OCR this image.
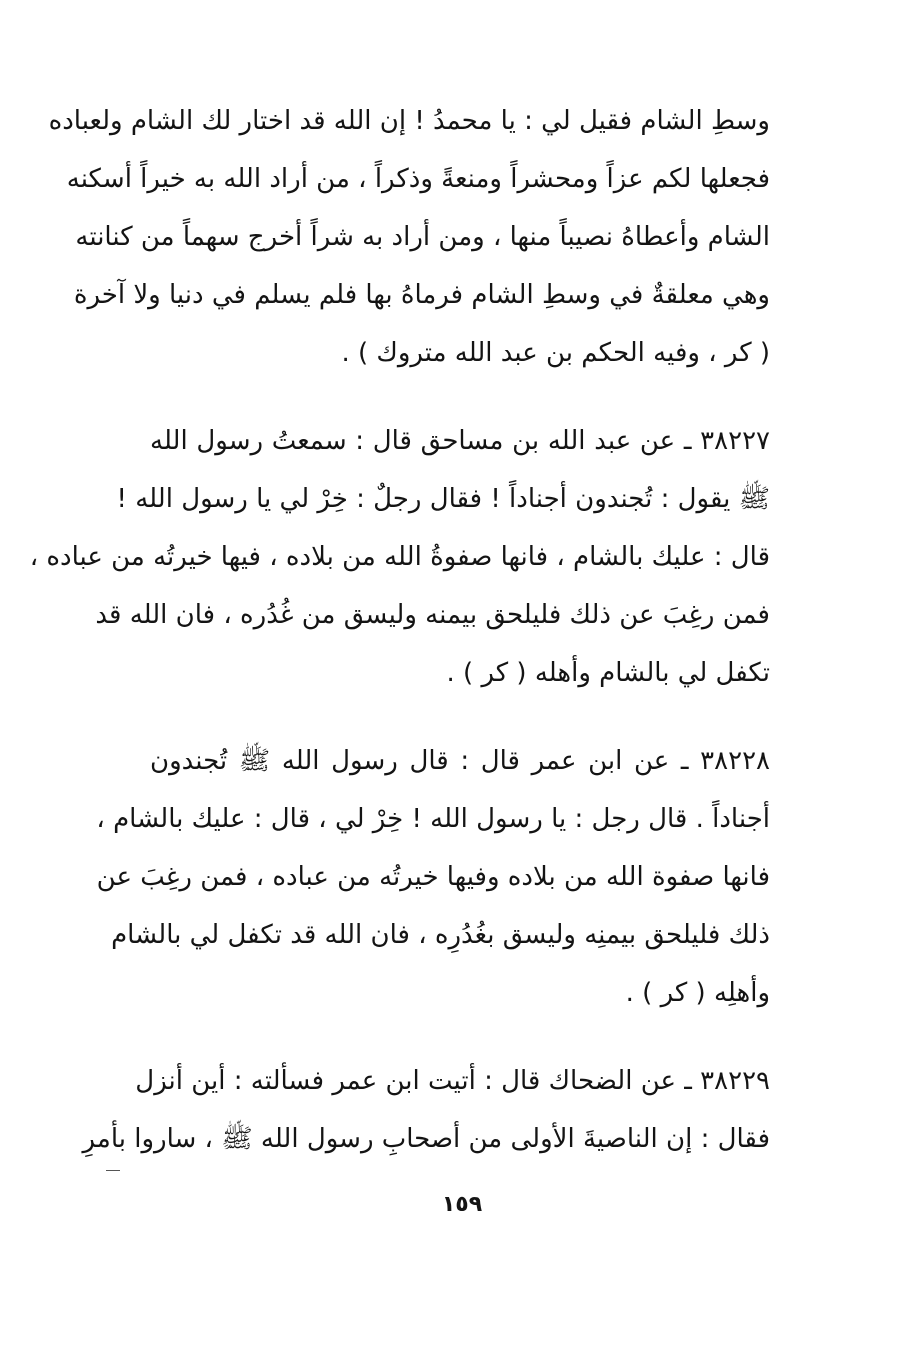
وسطِ الشام فقيل لي : يا محمدُ ! إن الله قد اختار لك الشام ولعباده
فجعلها لكم عزاً ومحشراً ومنعةً وذكراً ، من أراد الله به خيراً أسكنه
الشام وأعطاهُ نصيباً منها ، ومن أراد به شراً أخرج سهماً من كنانته
وهي معلقةٌ في وسطِ الشام فرماهُ بها فلم يسلم في دنيا ولا آخرة
( كر ، وفيه الحكم بن عبد الله متروك ) .
٣٨٢٢٧ ـ عن عبد الله بن مساحق قال : سمعتُ رسول الله
ﷺ يقول : تُجندون أجناداً ! فقال رجلٌ : خِرْ لي يا رسول الله !
قال : عليك بالشام ، فانها صفوةُ الله من بلاده ، فيها خيرتُه من عباده ،
فمن رغِبَ عن ذلك فليلحق بيمنه وليسق من غُدُره ، فان الله قد
تكفل لي بالشام وأهله ( كر ) .
٣٨٢٢٨ ـ عن ابن عمر قال : قال رسول الله ﷺ تُجندون
أجناداً . قال رجل : يا رسول الله ! خِرْ لي ، قال : عليك بالشام ،
فانها صفوة الله من بلاده وفيها خيرتُه من عباده ، فمن رغِبَ عن
ذلك فليلحق بيمنِه وليسق بغُدُرِه ، فان الله قد تكفل لي بالشام
وأهلِه ( كر ) .
٣٨٢٢٩ ـ عن الضحاك قال : أتيت ابن عمر فسألته : أين أنزل
فقال : إن الناصيةَ الأولى من أصحابِ رسول الله ﷺ ، ساروا بأمرِ
١٥٩
